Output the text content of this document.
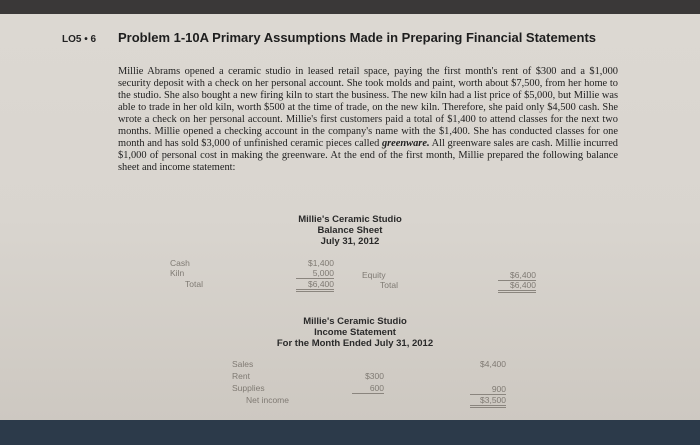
LO5 • 6 Problem 1-10A Primary Assumptions Made in Preparing Financial Statements
Millie Abrams opened a ceramic studio in leased retail space, paying the first month's rent of $300 and a $1,000 security deposit with a check on her personal account. She took molds and paint, worth about $7,500, from her home to the studio. She also bought a new firing kiln to start the business. The new kiln had a list price of $5,000, but Millie was able to trade in her old kiln, worth $500 at the time of trade, on the new kiln. Therefore, she paid only $4,500 cash. She wrote a check on her personal account. Millie's first customers paid a total of $1,400 to attend classes for the next two months. Millie opened a checking account in the company's name with the $1,400. She has conducted classes for one month and has sold $3,000 of unfinished ceramic pieces called greenware. All greenware sales are cash. Millie incurred $1,000 of personal cost in making the greenware. At the end of the first month, Millie prepared the following balance sheet and income statement:
Millie's Ceramic Studio
Balance Sheet
July 31, 2012
Cash
Kiln
Total
$1,400
5,000
$6,400
Equity
Total
$6,400
$6,400
Millie's Ceramic Studio
Income Statement
For the Month Ended July 31, 2012
Sales
Rent
Supplies
Net income
$4,400
$300
600	900
$3,500
